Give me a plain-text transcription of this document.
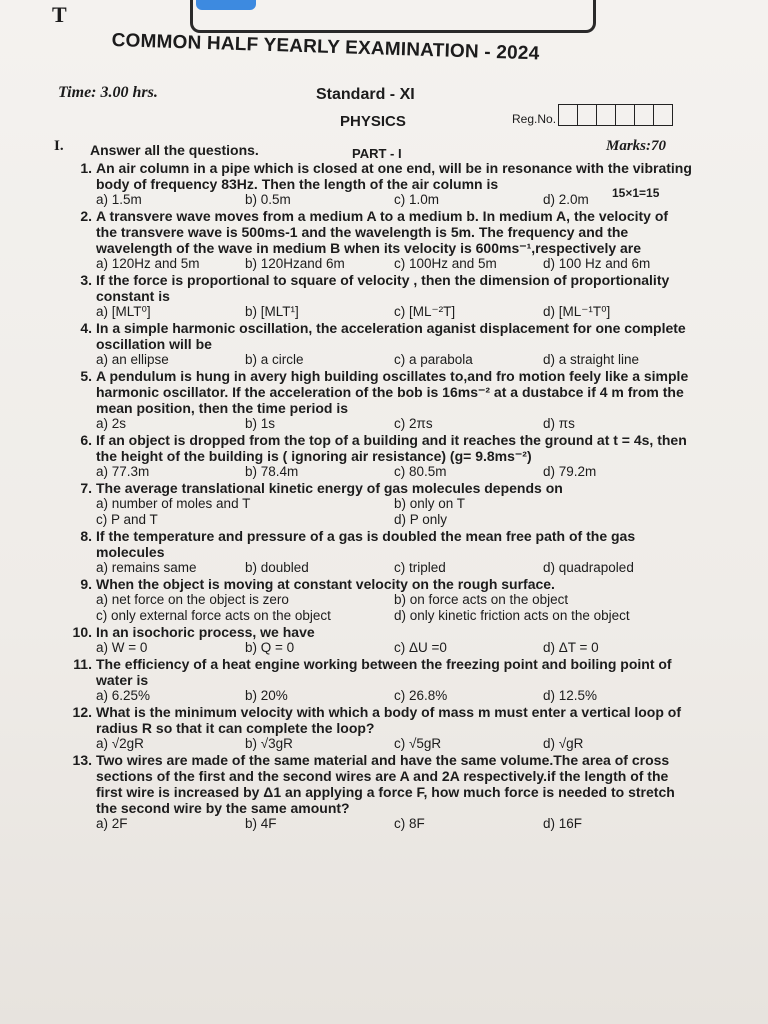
T
COMMON HALF YEARLY EXAMINATION - 2024
Time: 3.00 hrs.	Standard - XI
PHYSICS	Reg.No.
Marks:70
I. Answer all the questions.	PART - I
15×1=15
1. An air column in a pipe which is closed at one end, will be in resonance with the vibrating body of frequency 83Hz. Then the length of the air column is
a) 1.5m	b) 0.5m	c) 1.0m	d) 2.0m
2. A transvere wave moves from a medium A to a medium b. In medium A, the velocity of the transvere wave is 500ms-1 and the wavelength is 5m. The frequency and the wavelength of the wave in medium B when its velocity is 600ms⁻¹,respectively are
a) 120Hz and 5m	b) 120Hzand 6m	c) 100Hz and 5m	d) 100 Hz and 6m
3. If the force is proportional to square of velocity , then the dimension of proportionality constant is
a) [MLT⁰]	b) [MLT¹]	c) [ML⁻²T]	d) [ML⁻¹T⁰]
4. In a simple harmonic oscillation, the acceleration aganist displacement for one complete oscillation will be
a) an ellipse	b) a circle	c) a parabola	d) a straight line
5. A pendulum is hung in avery high building oscillates to,and fro motion feely like a simple harmonic oscillator. If the acceleration of the bob is 16ms⁻² at a dustabce if 4 m from the mean position, then the time period is
a) 2s	b) 1s	c) 2πs	d) πs
6. If an object is dropped from the top of a building and it reaches the ground at t = 4s, then the height of the building is ( ignoring air resistance) (g= 9.8ms⁻²)
a) 77.3m	b) 78.4m	c) 80.5m	d) 79.2m
7. The average translational kinetic energy of gas molecules depends on
a) number of moles and T	b) only on T
c) P and T	d) P only
8. If the temperature and pressure of a gas is doubled the mean free path of the gas molecules
a) remains same	b) doubled	c) tripled	d) quadrapoled
9. When the object is moving at constant velocity on the rough surface.
a) net force on the object is zero	b) on force acts on the object
c) only external force acts on the object	d) only kinetic friction acts on the object
10. In an isochoric process, we have
a) W = 0	b) Q = 0	c) ΔU =0	d) ΔT = 0
11. The efficiency of a heat engine working between the freezing point and boiling point of water is
a) 6.25%	b) 20%	c) 26.8%	d) 12.5%
12. What is the minimum velocity with which a body of mass m must enter a vertical loop of radius R so that it can complete the loop?
a) √2gR	b) √3gR	c) √5gR	d) √gR
13. Two wires are made of the same material and have the same volume.The area of cross sections of the first and the second wires are A and 2A respectively.if the length of the first wire is increased by Δ1 an applying a force F, how much force is needed to stretch the second wire by the same amount?
a) 2F	b) 4F	c) 8F	d) 16F
